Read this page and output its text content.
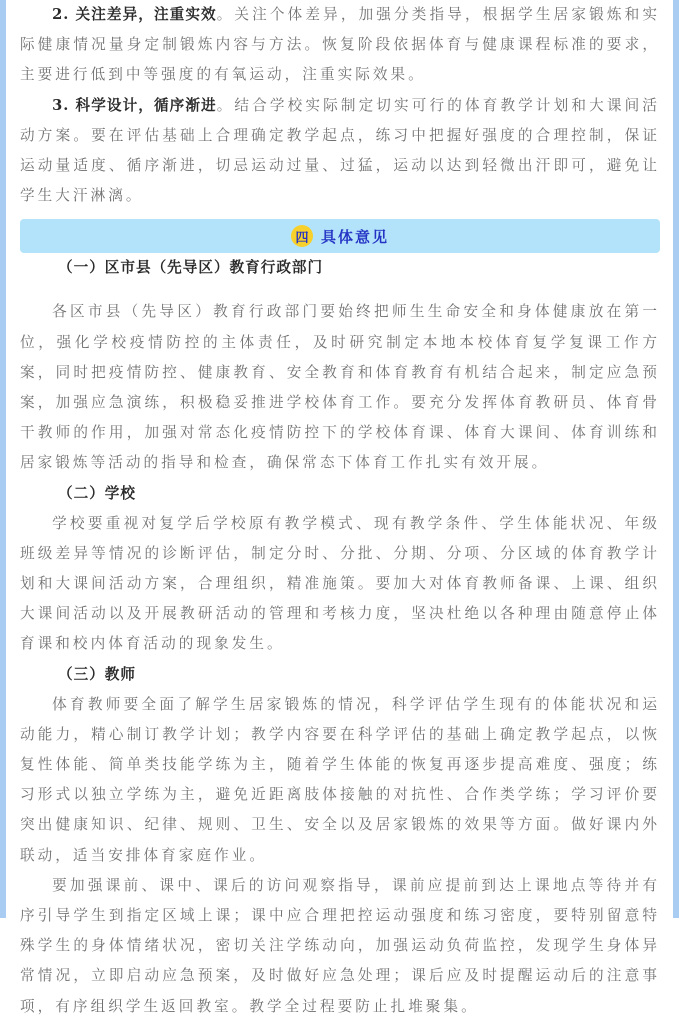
2. 关注差异，注重实效。关注个体差异，加强分类指导，根据学生居家锻炼和实际健康情况量身定制锻炼内容与方法。恢复阶段依据体育与健康课程标准的要求，主要进行低到中等强度的有氧运动，注重实际效果。

3. 科学设计，循序渐进。结合学校实际制定切实可行的体育教学计划和大课间活动方案。要在评估基础上合理确定教学起点，练习中把握好强度的合理控制，保证运动量适度、循序渐进，切忌运动过量、过猛，运动以达到轻微出汗即可，避免让学生大汗淋漓。

四 具体意见

（一）区市县（先导区）教育行政部门

各区市县（先导区）教育行政部门要始终把师生生命安全和身体健康放在第一位，强化学校疫情防控的主体责任，及时研究制定本地本校体育复学复课工作方案，同时把疫情防控、健康教育、安全教育和体育教育有机结合起来，制定应急预案，加强应急演练，积极稳妥推进学校体育工作。要充分发挥体育教研员、体育骨干教师的作用，加强对常态化疫情防控下的学校体育课、体育大课间、体育训练和居家锻炼等活动的指导和检查，确保常态下体育工作扎实有效开展。

（二）学校

学校要重视对复学后学校原有教学模式、现有教学条件、学生体能状况、年级班级差异等情况的诊断评估，制定分时、分批、分期、分项、分区域的体育教学计划和大课间活动方案，合理组织，精准施策。要加大对体育教师备课、上课、组织大课间活动以及开展教研活动的管理和考核力度，坚决杜绝以各种理由随意停止体育课和校内体育活动的现象发生。

（三）教师

体育教师要全面了解学生居家锻炼的情况，科学评估学生现有的体能状况和运动能力，精心制订教学计划；教学内容要在科学评估的基础上确定教学起点，以恢复性体能、简单类技能学练为主，随着学生体能的恢复再逐步提高难度、强度；练习形式以独立学练为主，避免近距离肢体接触的对抗性、合作类学练；学习评价要突出健康知识、纪律、规则、卫生、安全以及居家锻炼的效果等方面。做好课内外联动，适当安排体育家庭作业。

要加强课前、课中、课后的访问观察指导，课前应提前到达上课地点等待并有序引导学生到指定区域上课；课中应合理把控运动强度和练习密度，要特别留意特殊学生的身体情绪状况，密切关注学练动向，加强运动负荷监控，发现学生身体异常情况，立即启动应急预案，及时做好应急处理；课后应及时提醒运动后的注意事项，有序组织学生返回教室。教学全过程要防止扎堆聚集。
